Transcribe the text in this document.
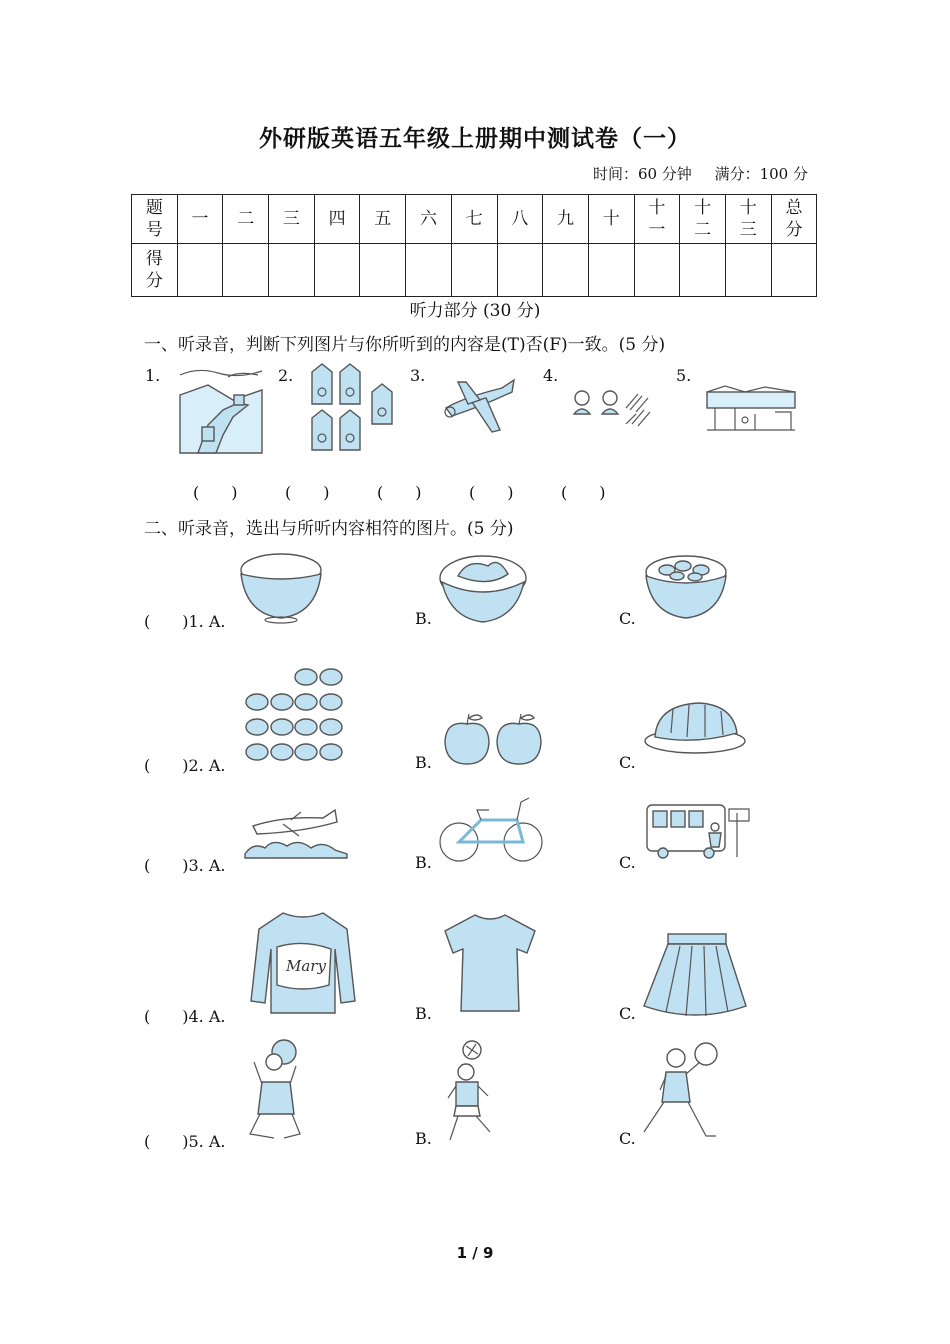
外研版英语五年级上册期中测试卷（一）
时间：60 分钟 满分：100 分
题号	一	二	三	四	五	六	七	八	九	十	十一	十二	十三	总分
得分														
听力部分 (30 分)
一、听录音，判断下列图片与你所听到的内容是(T)否(F)一致。(5 分)
1.	2.	3.	4.	5.
(　　)	(　　)	(　　)	(　　)	(　　)
二、听录音，选出与所听内容相符的图片。(5 分)
(　　)1. A.	B.	C.
(　　)2. A.	B.	C.
(　　)3. A.	B.	C.
(　　)4. A.	B.	C.
Mary
(　　)5. A.	B.	C.
1 / 9
